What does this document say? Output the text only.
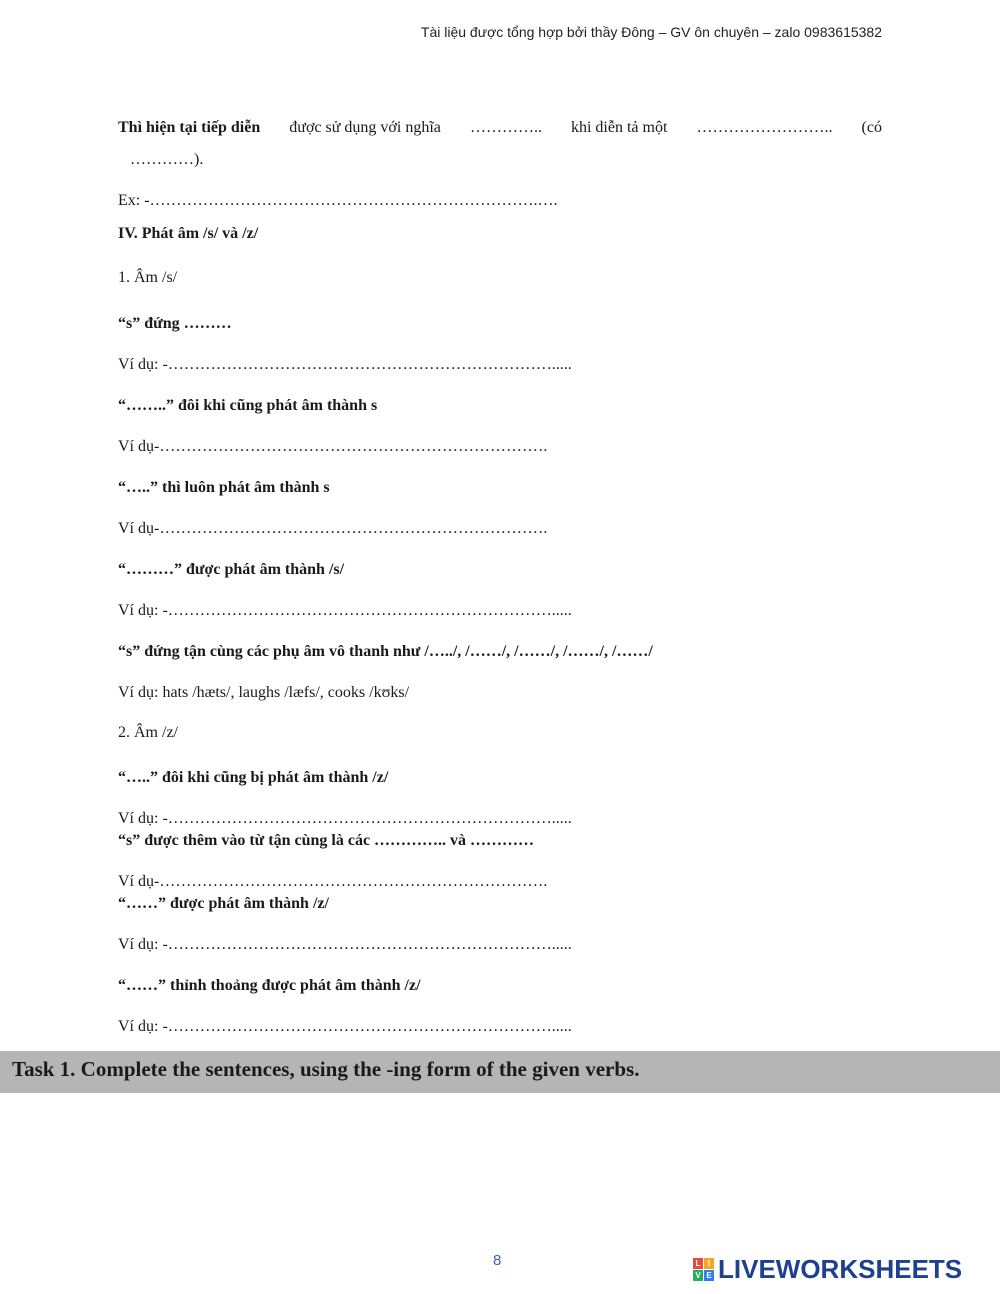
Tài liệu được tổng hợp bởi thầy Đông – GV ôn chuyên – zalo 0983615382
Thì hiện tại tiếp diễn được sử dụng với nghĩa ………….. khi diễn tả một …………………….. (có
…………).
Ex: -……………………………………………………………….….
IV. Phát âm /s/ và /z/
1. Âm /s/
“s” đứng ………
Ví dụ: -……………………………………………………………….....
“……..” đôi khi cũng phát âm thành s
Ví dụ-……………………………………………………………….
“…..” thì luôn phát âm thành s
Ví dụ-……………………………………………………………….
“………” được phát âm thành /s/
Ví dụ: -……………………………………………………………….....
“s” đứng tận cùng các phụ âm vô thanh như /…../, /……/, /……/, /……/, /……/
Ví dụ: hats /hæts/, laughs /læfs/, cooks /kʊks/
2. Âm /z/
“…..” đôi khi cũng bị phát âm thành /z/
Ví dụ: -……………………………………………………………….....
“s” được thêm vào từ tận cùng là các ………….. và …………
Ví dụ-……………………………………………………………….
“……” được phát âm thành /z/
Ví dụ: -……………………………………………………………….....
“……” thỉnh thoảng được phát âm thành /z/
Ví dụ: -……………………………………………………………….....
Task 1. Complete the sentences, using the -ing form of the given verbs.
8	L I
V E LIVEWORKSHEETS
